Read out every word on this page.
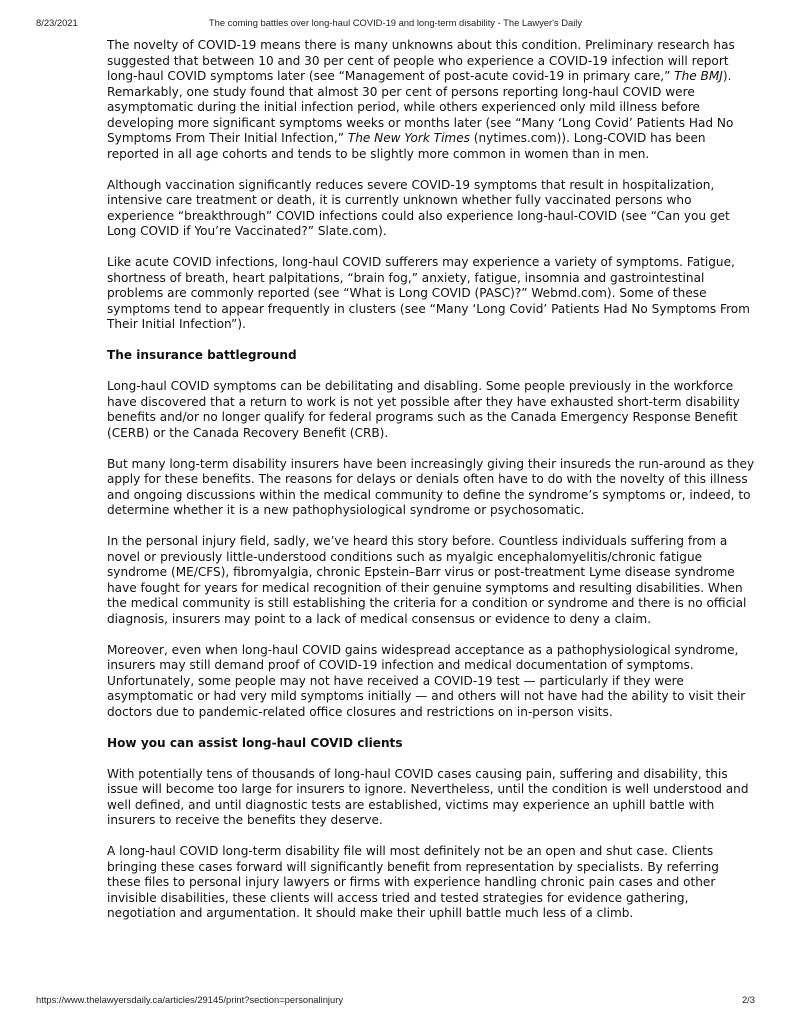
8/23/2021	The coming battles over long-haul COVID-19 and long-term disability - The Lawyer's Daily

The novelty of COVID-19 means there is many unknowns about this condition. Preliminary research has suggested that between 10 and 30 per cent of people who experience a COVID-19 infection will report long-haul COVID symptoms later (see “Management of post-acute covid-19 in primary care,” The BMJ). Remarkably, one study found that almost 30 per cent of persons reporting long-haul COVID were asymptomatic during the initial infection period, while others experienced only mild illness before developing more significant symptoms weeks or months later (see “Many ‘Long Covid’ Patients Had No Symptoms From Their Initial Infection,” The New York Times (nytimes.com)). Long-COVID has been reported in all age cohorts and tends to be slightly more common in women than in men.

Although vaccination significantly reduces severe COVID-19 symptoms that result in hospitalization, intensive care treatment or death, it is currently unknown whether fully vaccinated persons who experience “breakthrough” COVID infections could also experience long-haul-COVID (see “Can you get Long COVID if You’re Vaccinated?” Slate.com).

Like acute COVID infections, long-haul COVID sufferers may experience a variety of symptoms. Fatigue, shortness of breath, heart palpitations, “brain fog,” anxiety, fatigue, insomnia and gastrointestinal problems are commonly reported (see “What is Long COVID (PASC)?” Webmd.com). Some of these symptoms tend to appear frequently in clusters (see “Many ‘Long Covid’ Patients Had No Symptoms From Their Initial Infection”).

The insurance battleground

Long-haul COVID symptoms can be debilitating and disabling. Some people previously in the workforce have discovered that a return to work is not yet possible after they have exhausted short-term disability benefits and/or no longer qualify for federal programs such as the Canada Emergency Response Benefit (CERB) or the Canada Recovery Benefit (CRB).

But many long-term disability insurers have been increasingly giving their insureds the run-around as they apply for these benefits. The reasons for delays or denials often have to do with the novelty of this illness and ongoing discussions within the medical community to define the syndrome’s symptoms or, indeed, to determine whether it is a new pathophysiological syndrome or psychosomatic.

In the personal injury field, sadly, we’ve heard this story before. Countless individuals suffering from a novel or previously little-understood conditions such as myalgic encephalomyelitis/chronic fatigue syndrome (ME/CFS), fibromyalgia, chronic Epstein–Barr virus or post-treatment Lyme disease syndrome have fought for years for medical recognition of their genuine symptoms and resulting disabilities. When the medical community is still establishing the criteria for a condition or syndrome and there is no official diagnosis, insurers may point to a lack of medical consensus or evidence to deny a claim.

Moreover, even when long-haul COVID gains widespread acceptance as a pathophysiological syndrome, insurers may still demand proof of COVID-19 infection and medical documentation of symptoms. Unfortunately, some people may not have received a COVID-19 test — particularly if they were asymptomatic or had very mild symptoms initially — and others will not have had the ability to visit their doctors due to pandemic-related office closures and restrictions on in-person visits.

How you can assist long-haul COVID clients

With potentially tens of thousands of long-haul COVID cases causing pain, suffering and disability, this issue will become too large for insurers to ignore. Nevertheless, until the condition is well understood and well defined, and until diagnostic tests are established, victims may experience an uphill battle with insurers to receive the benefits they deserve.

A long-haul COVID long-term disability file will most definitely not be an open and shut case. Clients bringing these cases forward will significantly benefit from representation by specialists. By referring these files to personal injury lawyers or firms with experience handling chronic pain cases and other invisible disabilities, these clients will access tried and tested strategies for evidence gathering, negotiation and argumentation. It should make their uphill battle much less of a climb.

https://www.thelawyersdaily.ca/articles/29145/print?section=personalinjury	2/3
